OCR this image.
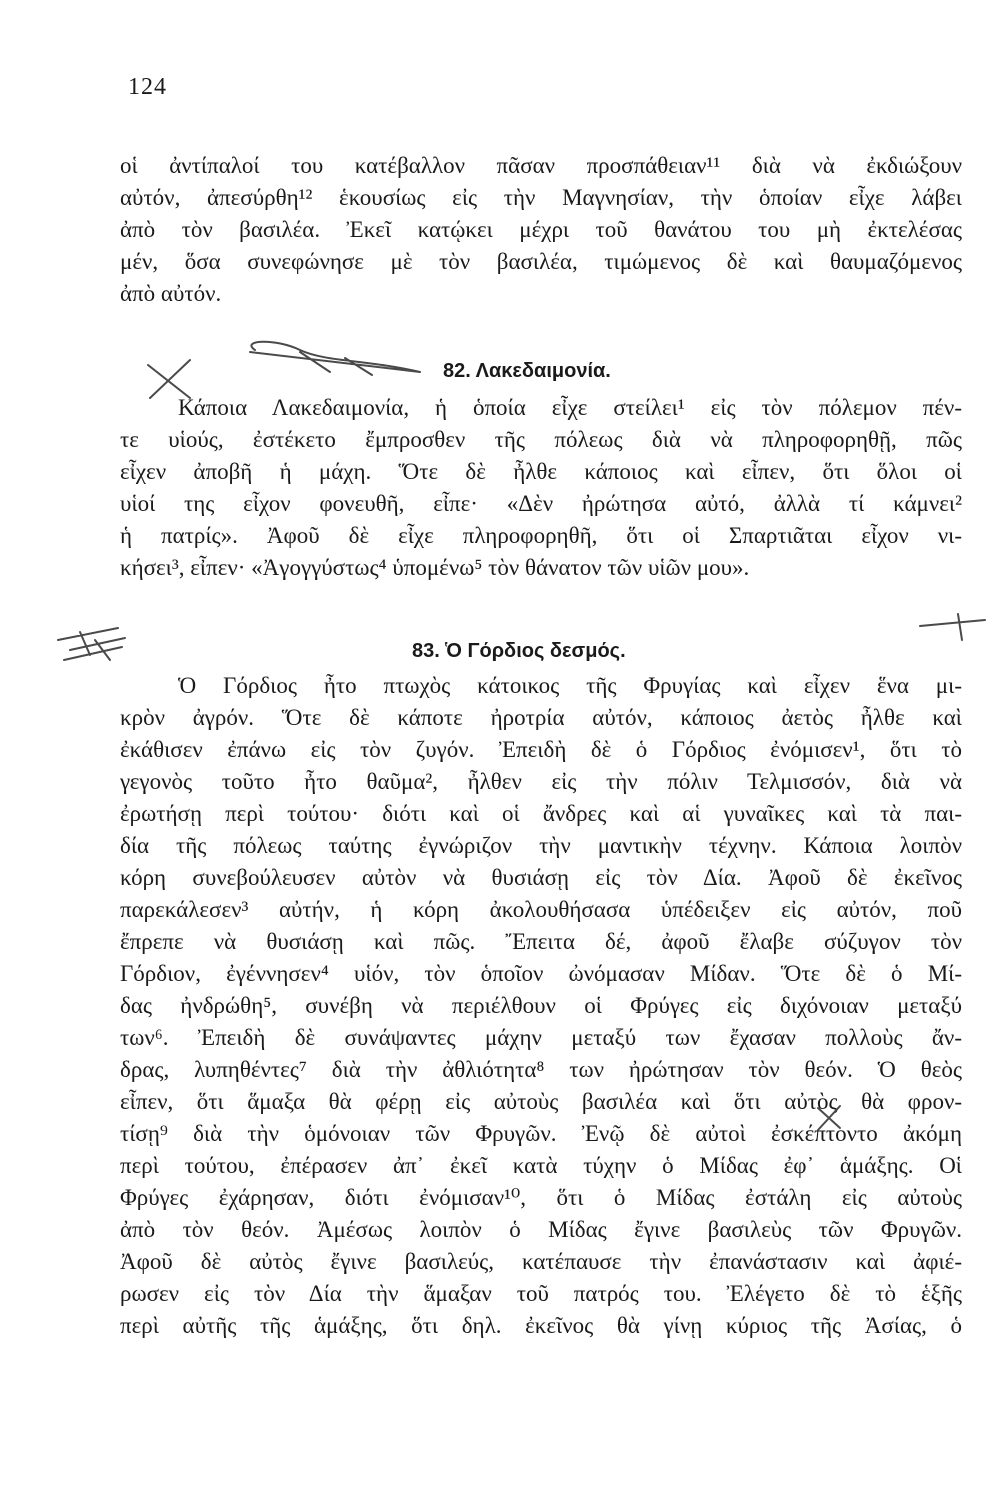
124
οἱ ἀντίπαλοί του κατέβαλλον πᾶσαν προσπάθειαν¹¹ διὰ νὰ ἐκδιώξουν
αὐτόν, ἀπεσύρθη¹² ἑκουσίως εἰς τὴν Μαγνησίαν, τὴν ὁποίαν εἶχε λάβει
ἀπὸ τὸν βασιλέα. Ἐκεῖ κατῴκει μέχρι τοῦ θανάτου του μὴ ἐκτελέσας
μέν, ὅσα συνεφώνησε μὲ τὸν βασιλέα, τιμώμενος δὲ καὶ θαυμαζόμενος
ἀπὸ αὐτόν.
82. Λακεδαιμονία.
Κάποια Λακεδαιμονία, ἡ ὁποία εἶχε στείλει¹ εἰς τὸν πόλεμον πέν-
τε υἱούς, ἐστέκετο ἔμπροσθεν τῆς πόλεως διὰ νὰ πληροφορηθῇ, πῶς
εἶχεν ἀποβῆ ἡ μάχη. Ὅτε δὲ ἦλθε κάποιος καὶ εἶπεν, ὅτι ὅλοι οἱ
υἱοί της εἶχον φονευθῆ, εἶπε· «Δὲν ἠρώτησα αὐτό, ἀλλὰ τί κάμνει²
ἡ πατρίς». Ἀφοῦ δὲ εἶχε πληροφορηθῆ, ὅτι οἱ Σπαρτιᾶται εἶχον νι-
κήσει³, εἶπεν· «Ἀγογγύστως⁴ ὑπομένω⁵ τὸν θάνατον τῶν υἱῶν μου».
83. Ὁ Γόρδιος δεσμός.
Ὁ Γόρδιος ἦτο πτωχὸς κάτοικος τῆς Φρυγίας καὶ εἶχεν ἕνα μι-
κρὸν ἀγρόν. Ὅτε δὲ κάποτε ἠροτρία αὐτόν, κάποιος ἀετὸς ἦλθε καὶ
ἐκάθισεν ἐπάνω εἰς τὸν ζυγόν. Ἐπειδὴ δὲ ὁ Γόρδιος ἐνόμισεν¹, ὅτι τὸ
γεγονὸς τοῦτο ἦτο θαῦμα², ἦλθεν εἰς τὴν πόλιν Τελμισσόν, διὰ νὰ
ἐρωτήσῃ περὶ τούτου· διότι καὶ οἱ ἄνδρες καὶ αἱ γυναῖκες καὶ τὰ παι-
δία τῆς πόλεως ταύτης ἐγνώριζον τὴν μαντικὴν τέχνην. Κάποια λοιπὸν
κόρη συνεβούλευσεν αὐτὸν νὰ θυσιάσῃ εἰς τὸν Δία. Ἀφοῦ δὲ ἐκεῖνος
παρεκάλεσεν³ αὐτήν, ἡ κόρη ἀκολουθήσασα ὑπέδειξεν εἰς αὐτόν, ποῦ
ἔπρεπε νὰ θυσιάσῃ καὶ πῶς. Ἔπειτα δέ, ἀφοῦ ἔλαβε σύζυγον τὸν
Γόρδιον, ἐγέννησεν⁴ υἱόν, τὸν ὁποῖον ὠνόμασαν Μίδαν. Ὅτε δὲ ὁ Μί-
δας ἠνδρώθη⁵, συνέβη νὰ περιέλθουν οἱ Φρύγες εἰς διχόνοιαν μεταξύ
των⁶. Ἐπειδὴ δὲ συνάψαντες μάχην μεταξύ των ἔχασαν πολλοὺς ἄν-
δρας, λυπηθέντες⁷ διὰ τὴν ἀθλιότητα⁸ των ἠρώτησαν τὸν θεόν. Ὁ θεὸς
εἶπεν, ὅτι ἅμαξα θὰ φέρῃ εἰς αὐτοὺς βασιλέα καὶ ὅτι αὐτὸς θὰ φρον-
τίσῃ⁹ διὰ τὴν ὁμόνοιαν τῶν Φρυγῶν. Ἐνῷ δὲ αὐτοὶ ἐσκέπτοντο ἀκόμη
περὶ τούτου, ἐπέρασεν ἀπ᾿ ἐκεῖ κατὰ τύχην ὁ Μίδας ἐφ᾿ ἁμάξης. Οἱ
Φρύγες ἐχάρησαν, διότι ἐνόμισαν¹⁰, ὅτι ὁ Μίδας ἐστάλη εἰς αὐτοὺς
ἀπὸ τὸν θεόν. Ἀμέσως λοιπὸν ὁ Μίδας ἔγινε βασιλεὺς τῶν Φρυγῶν.
Ἀφοῦ δὲ αὐτὸς ἔγινε βασιλεύς, κατέπαυσε τὴν ἐπανάστασιν καὶ ἀφιέ-
ρωσεν εἰς τὸν Δία τὴν ἅμαξαν τοῦ πατρός του. Ἐλέγετο δὲ τὸ ἑξῆς
περὶ αὐτῆς τῆς ἁμάξης, ὅτι δηλ. ἐκεῖνος θὰ γίνῃ κύριος τῆς Ἀσίας, ὁ
